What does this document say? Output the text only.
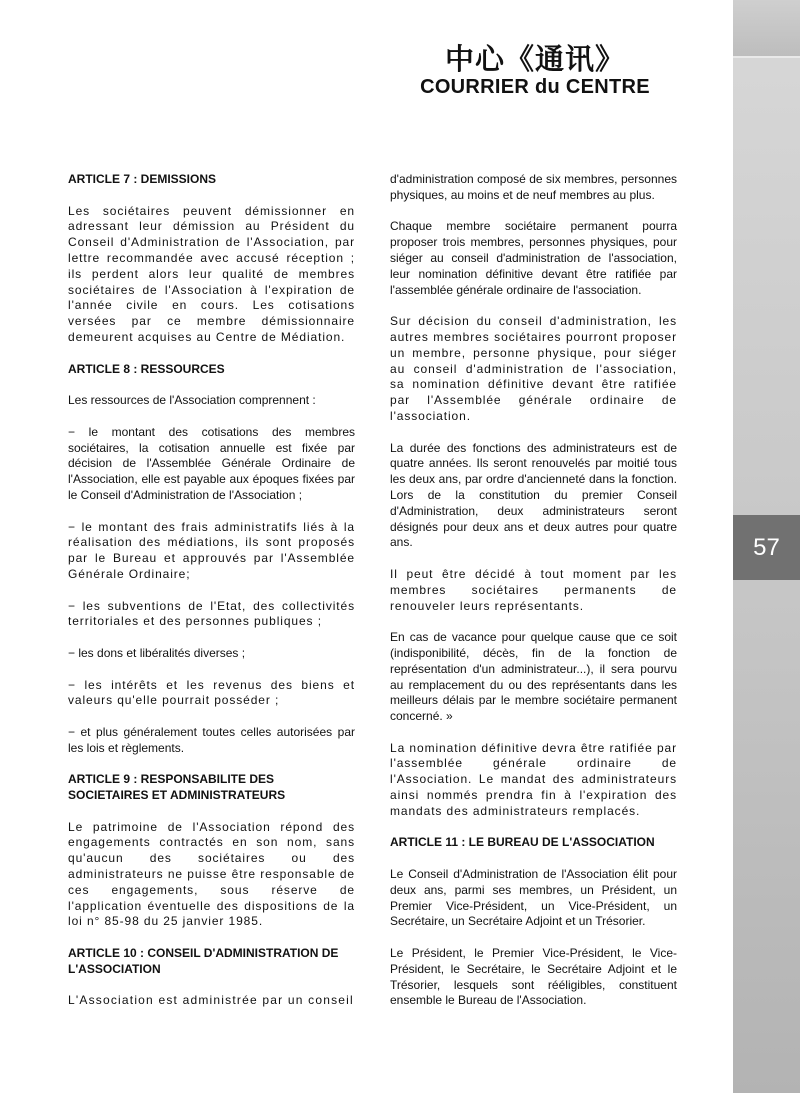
57
中心《通讯》
COURRIER du CENTRE
ARTICLE 7 : DEMISSIONS

Les sociétaires peuvent démissionner en adressant leur démission au Président du Conseil d'Administration de l'Association, par lettre recommandée avec accusé réception ; ils perdent alors leur qualité de membres sociétaires de l'Association à l'expiration de l'année civile en cours. Les cotisations versées par ce membre démissionnaire demeurent acquises au Centre de Médiation.

ARTICLE 8 : RESSOURCES

Les ressources de l'Association comprennent :

− le montant des cotisations des membres sociétaires, la cotisation annuelle est fixée par décision de l'Assemblée Générale Ordinaire de l'Association, elle est payable aux époques fixées par le Conseil d'Administration de l'Association ;

− le montant des frais administratifs liés à la réalisation des médiations, ils sont proposés par le Bureau et approuvés par l'Assemblée Générale Ordinaire;

− les subventions de l'Etat, des collectivités territoriales et des personnes publiques ;

− les dons et libéralités diverses ;

− les intérêts et les revenus des biens et valeurs qu'elle pourrait posséder ;

− et plus généralement toutes celles autorisées par les lois et règlements.

ARTICLE 9 : RESPONSABILITE DES SOCIETAIRES ET ADMINISTRATEURS

Le patrimoine de l'Association répond des engagements contractés en son nom, sans qu'aucun des sociétaires ou des administrateurs ne puisse être responsable de ces engagements, sous réserve de l'application éventuelle des dispositions de la loi n° 85-98 du 25 janvier 1985.

ARTICLE 10 : CONSEIL D'ADMINISTRATION DE L'ASSOCIATION

L'Association est administrée par un conseil

d'administration composé de six membres, personnes physiques, au moins et de neuf membres au plus.

Chaque membre sociétaire permanent pourra proposer trois membres, personnes physiques, pour siéger au conseil d'administration de l'association, leur nomination définitive devant être ratifiée par l'assemblée générale ordinaire de l'association.

Sur décision du conseil d'administration, les autres membres sociétaires pourront proposer un membre, personne physique, pour siéger au conseil d'administration de l'association, sa nomination définitive devant être ratifiée par l'Assemblée générale ordinaire de l'association.

La durée des fonctions des administrateurs est de quatre années. Ils seront renouvelés par moitié tous les deux ans, par ordre d'ancienneté dans la fonction. Lors de la constitution du premier Conseil d'Administration, deux administrateurs seront désignés pour deux ans et deux autres pour quatre ans.

Il peut être décidé à tout moment par les membres sociétaires permanents de renouveler leurs représentants.

En cas de vacance pour quelque cause que ce soit (indisponibilité, décès, fin de la fonction de représentation d'un administrateur...), il sera pourvu au remplacement du ou des représentants dans les meilleurs délais par le membre sociétaire permanent concerné. »

La nomination définitive devra être ratifiée par l'assemblée générale ordinaire de l'Association. Le mandat des administrateurs ainsi nommés prendra fin à l'expiration des mandats des administrateurs remplacés.

ARTICLE 11 : LE BUREAU DE L'ASSOCIATION

Le Conseil d'Administration de l'Association élit pour deux ans, parmi ses membres, un Président, un Premier Vice-Président, un Vice-Président, un Secrétaire, un Secrétaire Adjoint et un Trésorier.

Le Président, le Premier Vice-Président, le Vice-Président, le Secrétaire, le Secrétaire Adjoint et le Trésorier, lesquels sont rééligibles, constituent ensemble le Bureau de l'Association.
